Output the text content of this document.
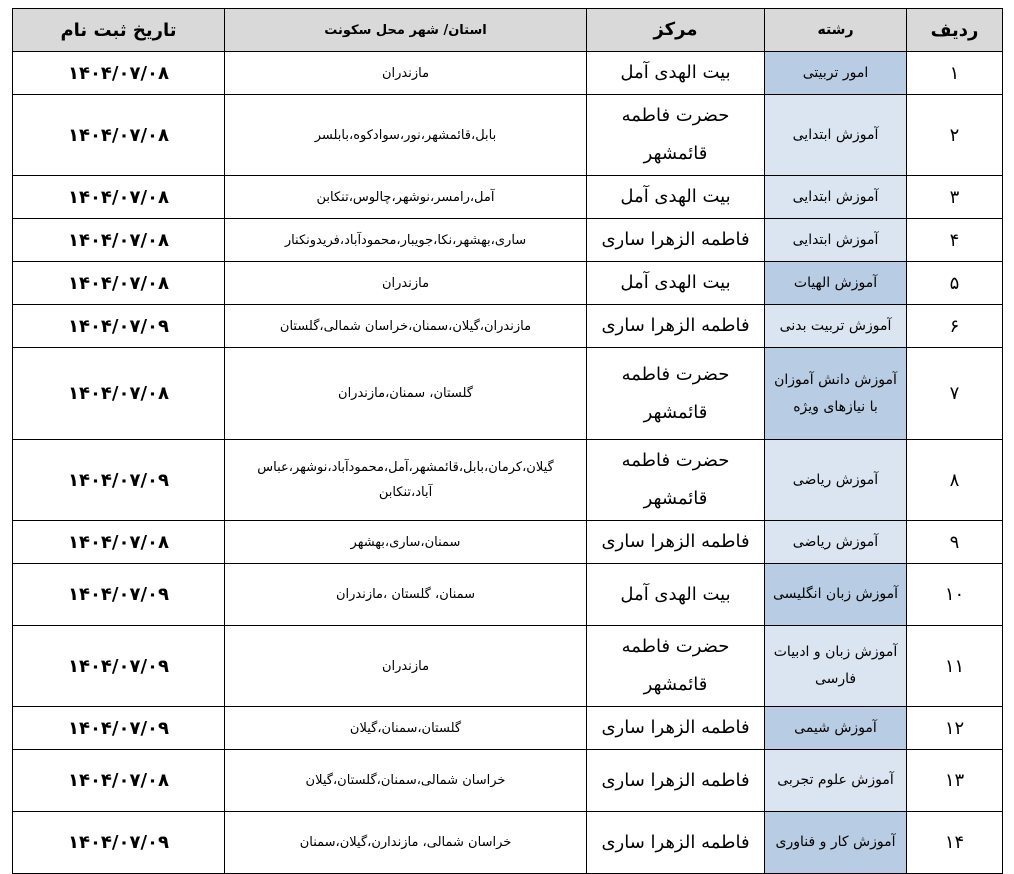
ردیف	رشته	مرکز	استان/ شهر محل سکونت	تاریخ ثبت نام
۱	امور تربیتی	بیت الهدی آمل	مازندران	۱۴۰۴/۰۷/۰۸
۲	آموزش ابتدایی	حضرت فاطمه قائمشهر	بابل،قائمشهر،نور،سوادکوه،بابلسر	۱۴۰۴/۰۷/۰۸
۳	آموزش ابتدایی	بیت الهدی آمل	آمل،رامسر،نوشهر،چالوس،تنکابن	۱۴۰۴/۰۷/۰۸
۴	آموزش ابتدایی	فاطمه الزهرا ساری	ساری،بهشهر،نکا،جویبار،محمودآباد،فریدونکنار	۱۴۰۴/۰۷/۰۸
۵	آموزش الهیات	بیت الهدی آمل	مازندران	۱۴۰۴/۰۷/۰۸
۶	آموزش تربیت بدنی	فاطمه الزهرا ساری	مازندران،گیلان،سمنان،خراسان شمالی،گلستان	۱۴۰۴/۰۷/۰۹
۷	آموزش دانش آموزان با نیازهای ویژه	حضرت فاطمه قائمشهر	گلستان، سمنان،مازندران	۱۴۰۴/۰۷/۰۸
۸	آموزش ریاضی	حضرت فاطمه قائمشهر	گیلان،کرمان،بابل،قائمشهر،آمل،محمودآباد،نوشهر،عباس آباد،تنکابن	۱۴۰۴/۰۷/۰۹
۹	آموزش ریاضی	فاطمه الزهرا ساری	سمنان،ساری،بهشهر	۱۴۰۴/۰۷/۰۸
۱۰	آموزش زبان انگلیسی	بیت الهدی آمل	سمنان، گلستان ،مازندران	۱۴۰۴/۰۷/۰۹
۱۱	آموزش زبان و ادبیات فارسی	حضرت فاطمه قائمشهر	مازندران	۱۴۰۴/۰۷/۰۹
۱۲	آموزش شیمی	فاطمه الزهرا ساری	گلستان،سمنان،گیلان	۱۴۰۴/۰۷/۰۹
۱۳	آموزش علوم تجربی	فاطمه الزهرا ساری	خراسان شمالی،سمنان،گلستان،گیلان	۱۴۰۴/۰۷/۰۸
۱۴	آموزش کار و فناوری	فاطمه الزهرا ساری	خراسان شمالی، مازندارن،گیلان،سمنان	۱۴۰۴/۰۷/۰۹
